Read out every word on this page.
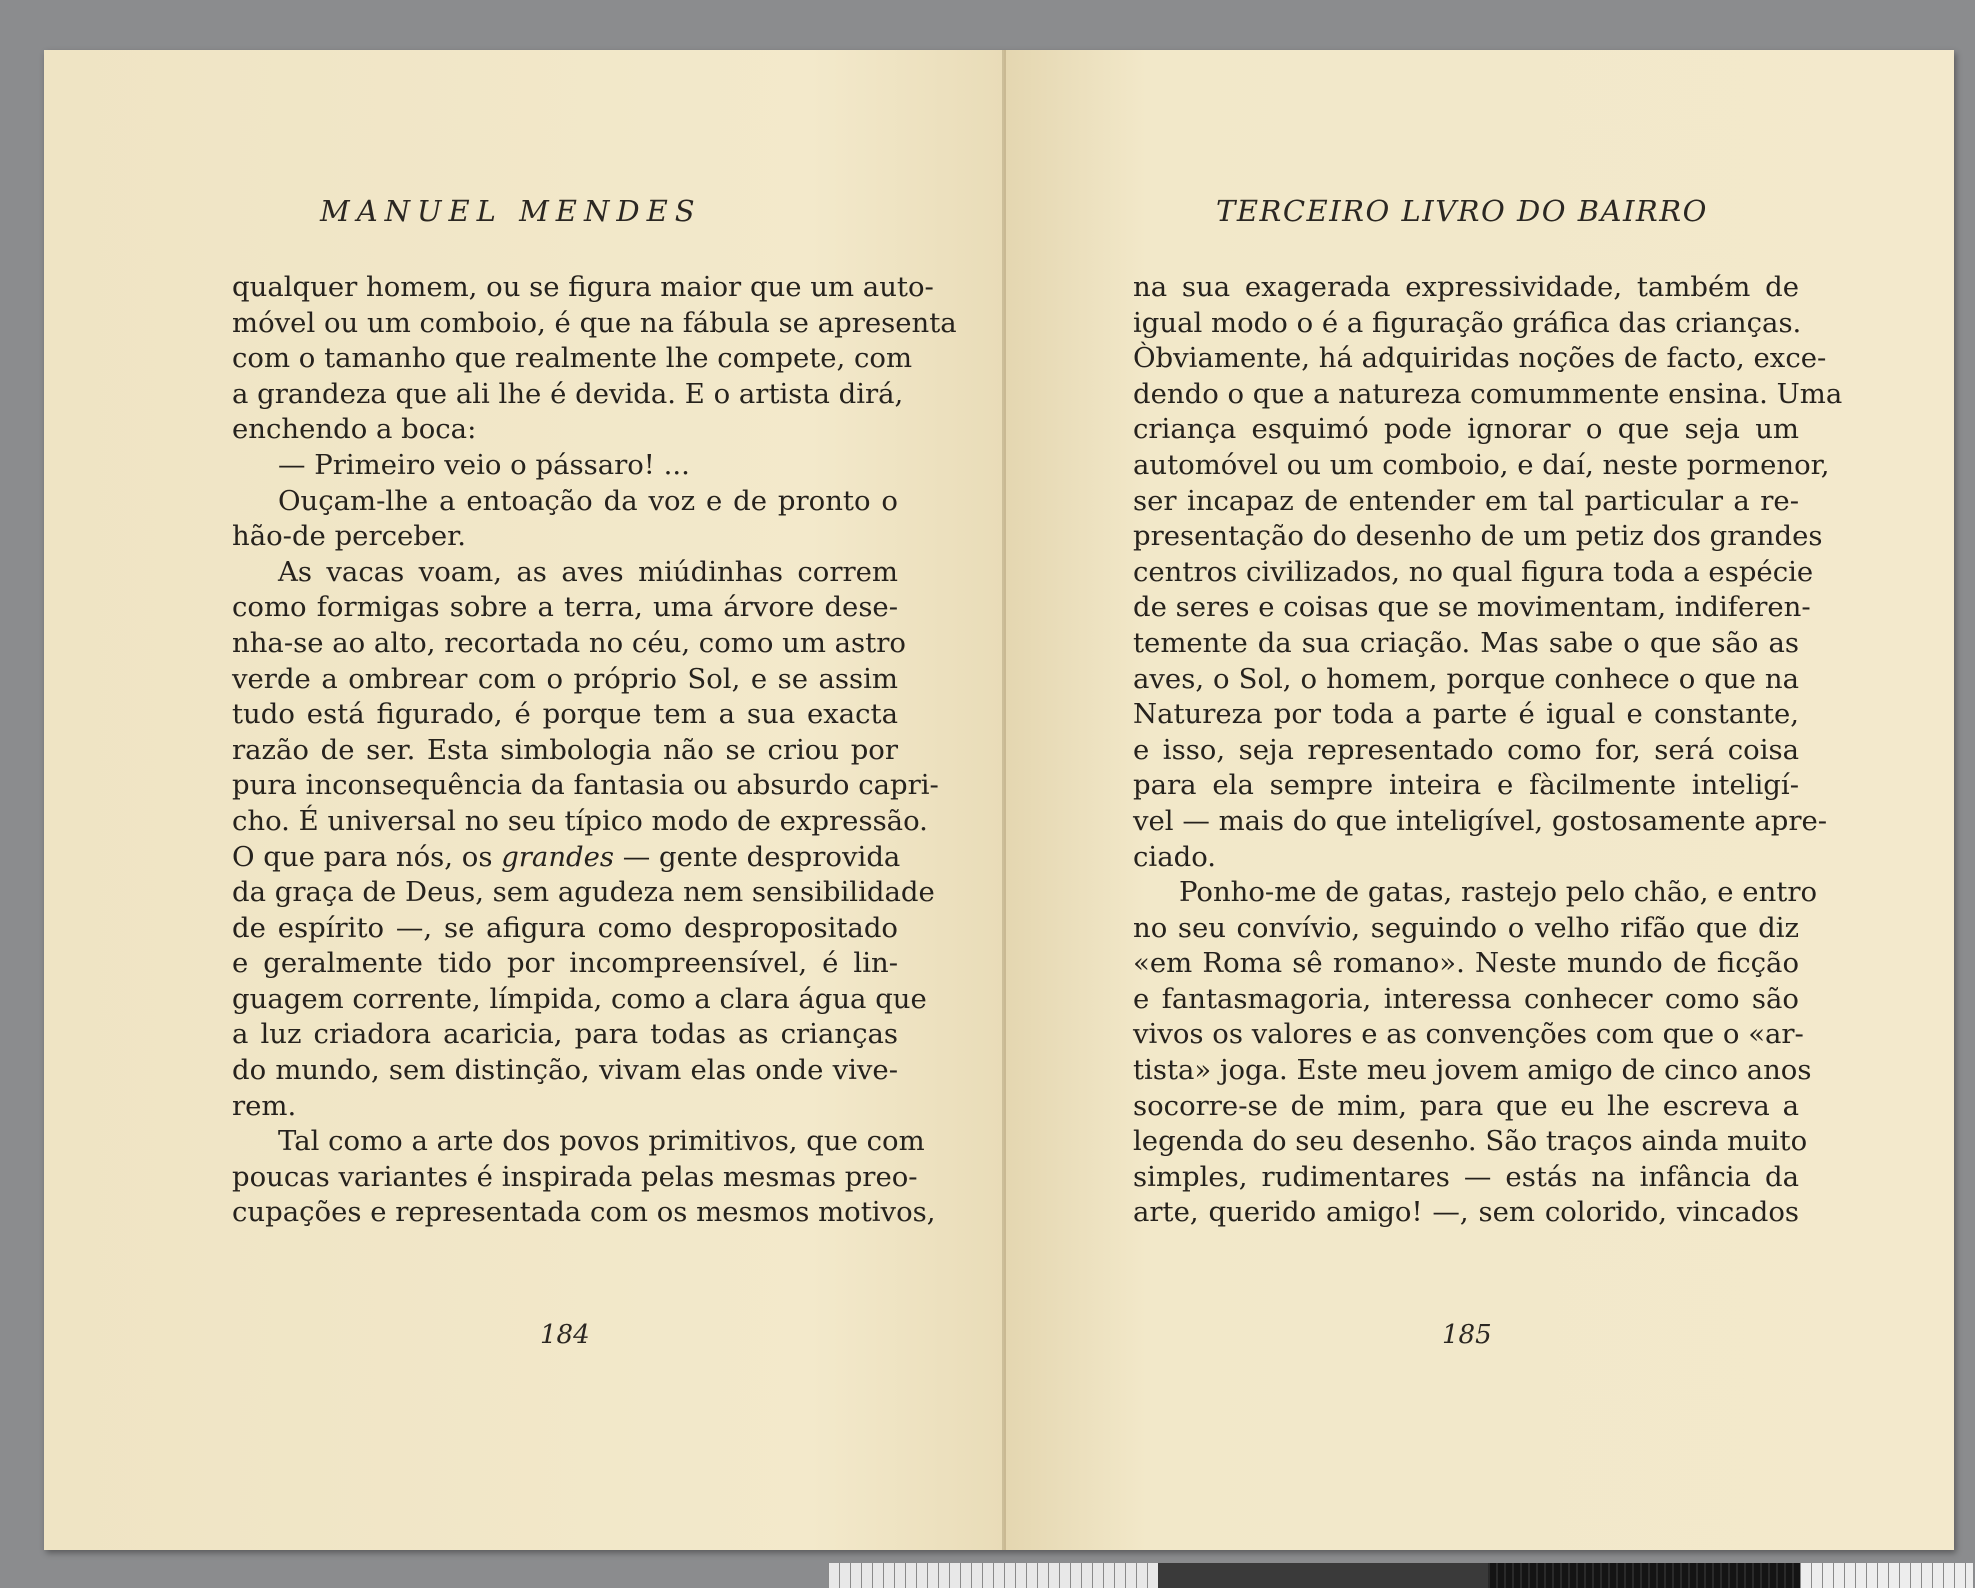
MANUEL MENDES	TERCEIRO LIVRO DO BAIRRO
qualquer homem, ou se figura maior que um auto-
móvel ou um comboio, é que na fábula se apresenta
com o tamanho que realmente lhe compete, com
a grandeza que ali lhe é devida. E o artista dirá,
enchendo a boca:
— Primeiro veio o pássaro! ...
Ouçam-lhe a entoação da voz e de pronto o
hão-de perceber.
As vacas voam, as aves miúdinhas correm
como formigas sobre a terra, uma árvore dese-
nha-se ao alto, recortada no céu, como um astro
verde a ombrear com o próprio Sol, e se assim
tudo está figurado, é porque tem a sua exacta
razão de ser. Esta simbologia não se criou por
pura inconsequência da fantasia ou absurdo capri-
cho. É universal no seu típico modo de expressão.
O que para nós, os grandes — gente desprovida
da graça de Deus, sem agudeza nem sensibilidade
de espírito —, se afigura como despropositado
e geralmente tido por incompreensível, é lin-
guagem corrente, límpida, como a clara água que
a luz criadora acaricia, para todas as crianças
do mundo, sem distinção, vivam elas onde vive-
rem.
Tal como a arte dos povos primitivos, que com
poucas variantes é inspirada pelas mesmas preo-
cupações e representada com os mesmos motivos,
na sua exagerada expressividade, também de
igual modo o é a figuração gráfica das crianças.
Òbviamente, há adquiridas noções de facto, exce-
dendo o que a natureza comummente ensina. Uma
criança esquimó pode ignorar o que seja um
automóvel ou um comboio, e daí, neste pormenor,
ser incapaz de entender em tal particular a re-
presentação do desenho de um petiz dos grandes
centros civilizados, no qual figura toda a espécie
de seres e coisas que se movimentam, indiferen-
temente da sua criação. Mas sabe o que são as
aves, o Sol, o homem, porque conhece o que na
Natureza por toda a parte é igual e constante,
e isso, seja representado como for, será coisa
para ela sempre inteira e fàcilmente inteligí-
vel — mais do que inteligível, gostosamente apre-
ciado.
Ponho-me de gatas, rastejo pelo chão, e entro
no seu convívio, seguindo o velho rifão que diz
«em Roma sê romano». Neste mundo de ficção
e fantasmagoria, interessa conhecer como são
vivos os valores e as convenções com que o «ar-
tista» joga. Este meu jovem amigo de cinco anos
socorre-se de mim, para que eu lhe escreva a
legenda do seu desenho. São traços ainda muito
simples, rudimentares — estás na infância da
arte, querido amigo! —, sem colorido, vincados
184	185
